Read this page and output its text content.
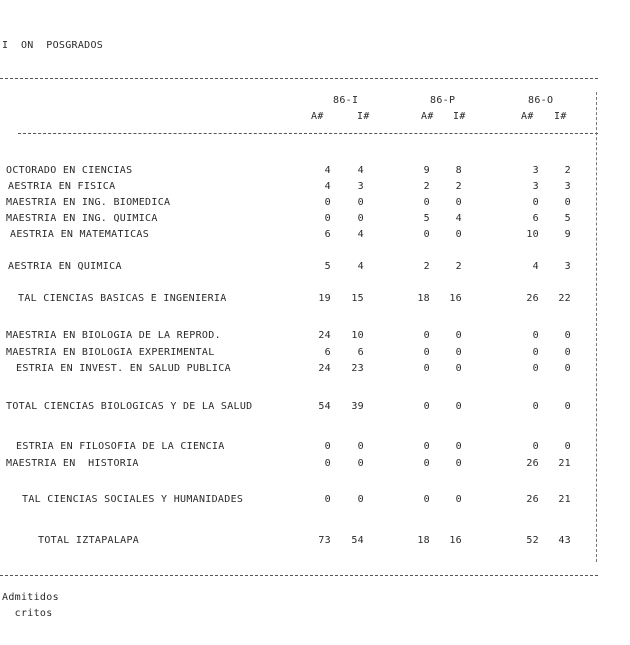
I  ON  POSGRADOS
86-I	86-P	86-O
A#	I#	A# I#	A# I#
OCTORADO EN CIENCIAS	4	4	9	8	3	2
AESTRIA EN FISICA	4	3	2	2	3	3
MAESTRIA EN ING. BIOMEDICA	0	0	0	0	0	0
MAESTRIA EN ING. QUIMICA	0	0	5	4	6	5
AESTRIA EN MATEMATICAS	6	4	0	0	10	9
AESTRIA EN QUIMICA	5	4	2	2	4	3
TAL CIENCIAS BASICAS E INGENIERIA	19	15	18	16	26	22
MAESTRIA EN BIOLOGIA DE LA REPROD.	24	10	0	0	0	0
MAESTRIA EN BIOLOGIA EXPERIMENTAL	6	6	0	0	0	0
ESTRIA EN INVEST. EN SALUD PUBLICA	24	23	0	0	0	0
TOTAL CIENCIAS BIOLOGICAS Y DE LA SALUD	54	39	0	0	0	0
ESTRIA EN FILOSOFIA DE LA CIENCIA	0	0	0	0	0	0
MAESTRIA EN  HISTORIA	0	0	0	0	26	21
TAL CIENCIAS SOCIALES Y HUMANIDADES	0	0	0	0	26	21
TOTAL IZTAPALAPA	73	54	18	16	52	43
Admitidos
critos
